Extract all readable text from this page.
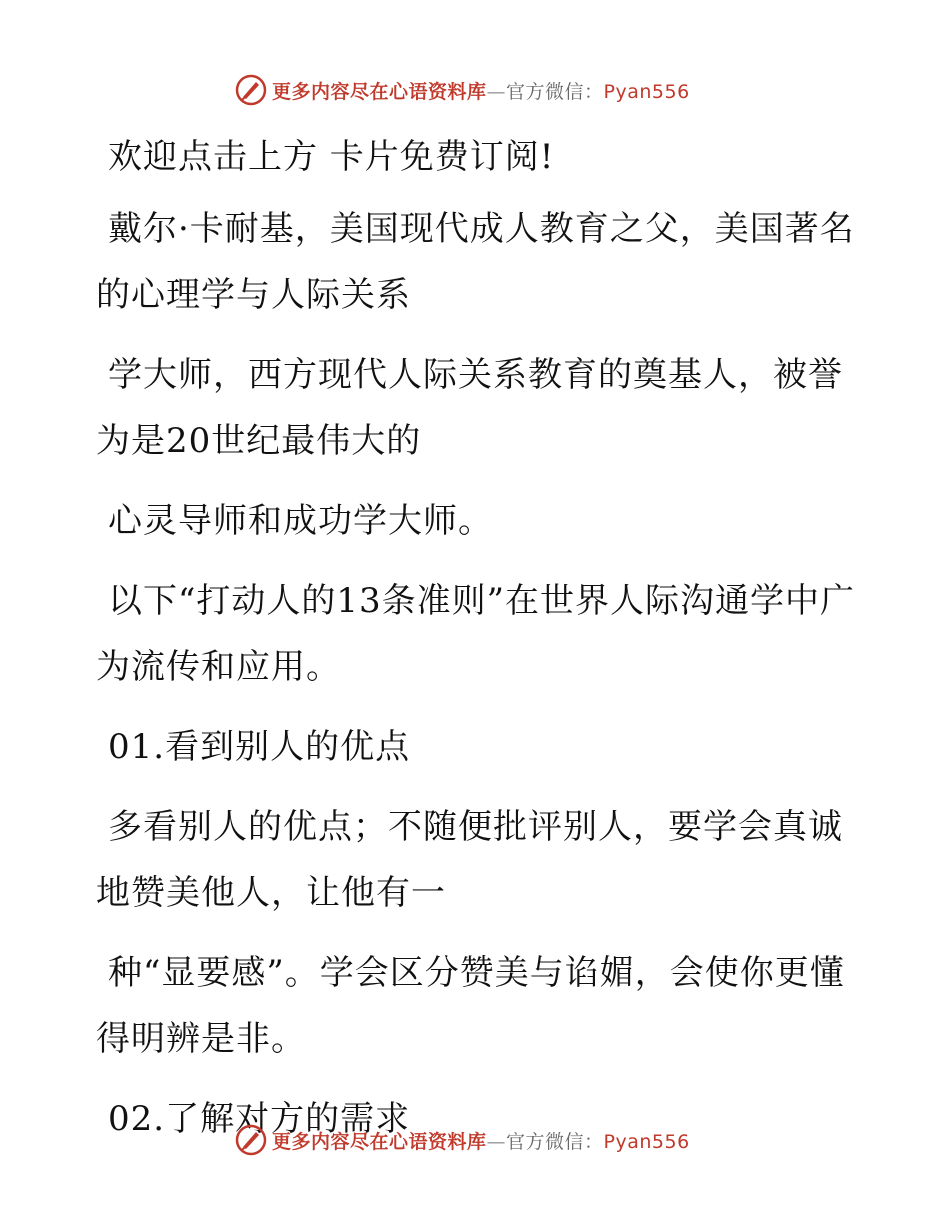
更多内容尽在心语资料库—官方微信：Pyan556

欢迎点击上方 卡片免费订阅!

戴尔·卡耐基，美国现代成人教育之父，美国著名的心理学与人际关系

学大师，西方现代人际关系教育的奠基人，被誉为是20世纪最伟大的

心灵导师和成功学大师。

以下“打动人的13条准则”在世界人际沟通学中广为流传和应用。

01.看到别人的优点

多看别人的优点；不随便批评别人，要学会真诚地赞美他人，让他有一

种“显要感”。学会区分赞美与谄媚，会使你更懂得明辨是非。

02.了解对方的需求

更多内容尽在心语资料库—官方微信：Pyan556
